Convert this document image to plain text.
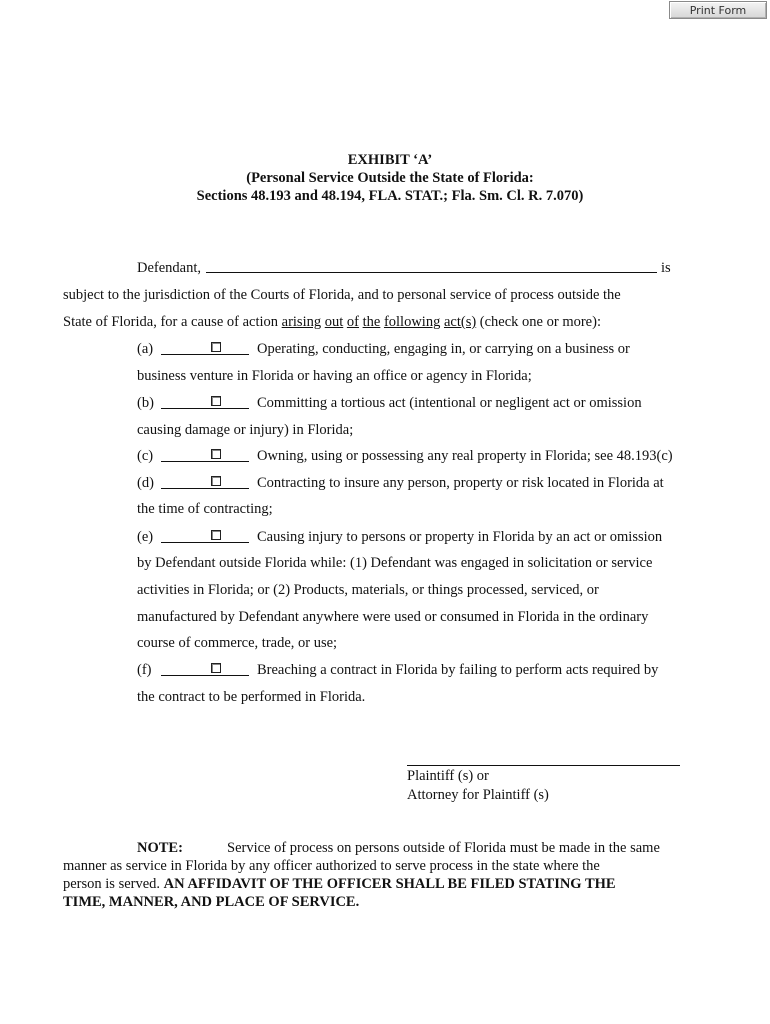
Print Form
EXHIBIT ‘A’
(Personal Service Outside the State of Florida:
Sections 48.193 and 48.194, FLA. STAT.; Fla. Sm. Cl. R. 7.070)
Defendant,	is
subject to the jurisdiction of the Courts of Florida, and to personal service of process outside the
State of Florida, for a cause of action arising out of the following act(s) (check one or more):
(a)	Operating, conducting, engaging in, or carrying on a business or
business venture in Florida or having an office or agency in Florida;
(b)	Committing a tortious act (intentional or negligent act or omission
causing damage or injury) in Florida;
(c)	Owning, using or possessing any real property in Florida; see 48.193(c)
(d)	Contracting to insure any person, property or risk located in Florida at
the time of contracting;
(e)	Causing injury to persons or property in Florida by an act or omission
by Defendant outside Florida while: (1) Defendant was engaged in solicitation or service
activities in Florida; or (2) Products, materials, or things processed, serviced, or
manufactured by Defendant anywhere were used or consumed in Florida in the ordinary
course of commerce, trade, or use;
(f)	Breaching a contract in Florida by failing to perform acts required by
the contract to be performed in Florida.
Plaintiff (s) or
Attorney for Plaintiff (s)
NOTE:	Service of process on persons outside of Florida must be made in the same
manner as service in Florida by any officer authorized to serve process in the state where the
person is served. AN AFFIDAVIT OF THE OFFICER SHALL BE FILED STATING THE
TIME, MANNER, AND PLACE OF SERVICE.
